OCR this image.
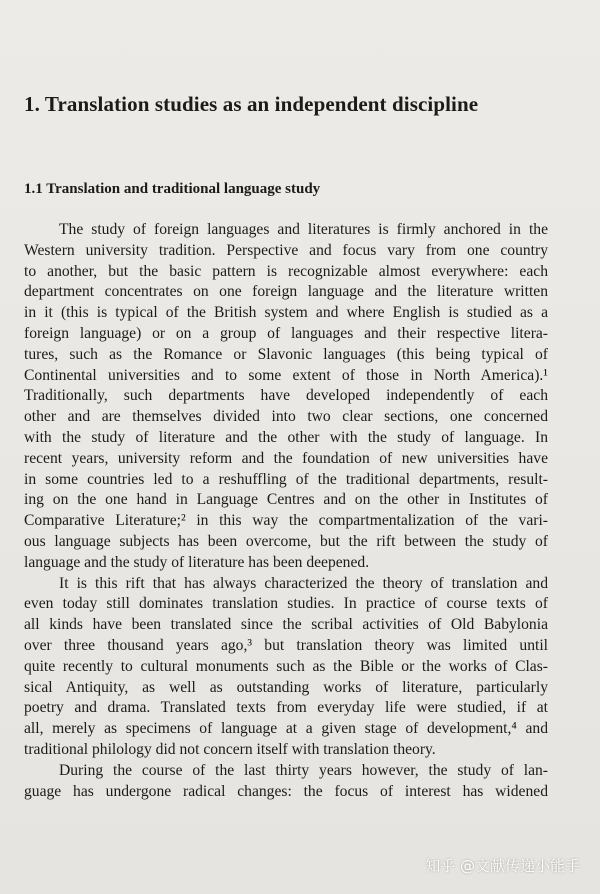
1. Translation studies as an independent discipline
1.1 Translation and traditional language study
The study of foreign languages and literatures is firmly anchored in the
Western university tradition. Perspective and focus vary from one country
to another, but the basic pattern is recognizable almost everywhere: each
department concentrates on one foreign language and the literature written
in it (this is typical of the British system and where English is studied as a
foreign language) or on a group of languages and their respective litera-
tures, such as the Romance or Slavonic languages (this being typical of
Continental universities and to some extent of those in North America).¹
Traditionally, such departments have developed independently of each
other and are themselves divided into two clear sections, one concerned
with the study of literature and the other with the study of language. In
recent years, university reform and the foundation of new universities have
in some countries led to a reshuffling of the traditional departments, result-
ing on the one hand in Language Centres and on the other in Institutes of
Comparative Literature;² in this way the compartmentalization of the vari-
ous language subjects has been overcome, but the rift between the study of
language and the study of literature has been deepened.
It is this rift that has always characterized the theory of translation and
even today still dominates translation studies. In practice of course texts of
all kinds have been translated since the scribal activities of Old Babylonia
over three thousand years ago,³ but translation theory was limited until
quite recently to cultural monuments such as the Bible or the works of Clas-
sical Antiquity, as well as outstanding works of literature, particularly
poetry and drama. Translated texts from everyday life were studied, if at
all, merely as specimens of language at a given stage of development,⁴ and
traditional philology did not concern itself with translation theory.
During the course of the last thirty years however, the study of lan-
guage has undergone radical changes: the focus of interest has widened
知乎 @文献传递小能手
